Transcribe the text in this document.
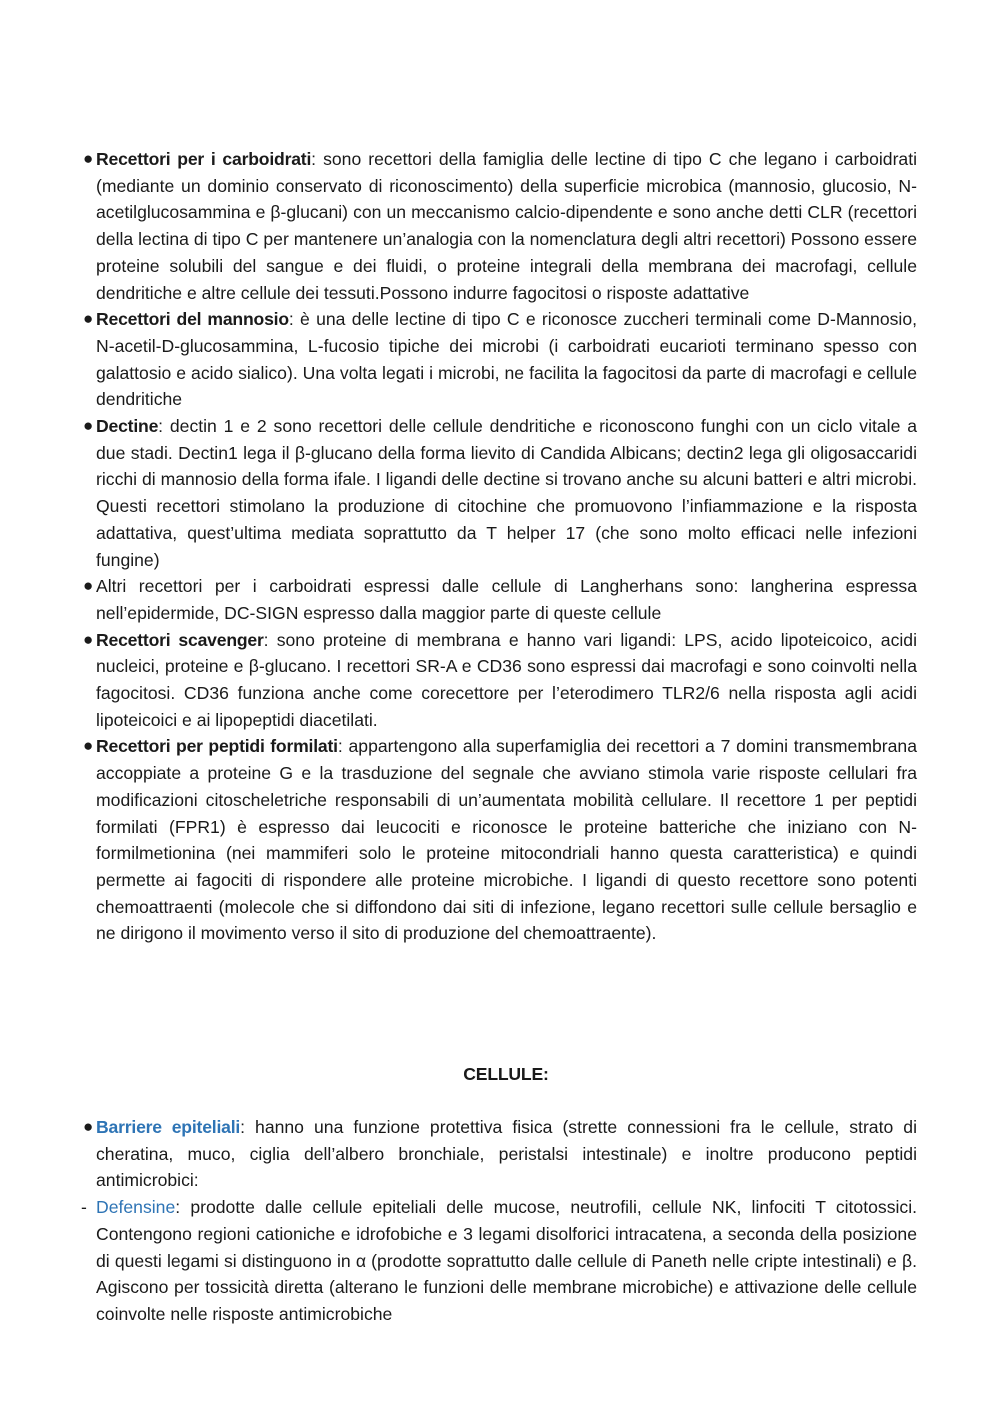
● Recettori per i carboidrati: sono recettori della famiglia delle lectine di tipo C che legano i carboidrati (mediante un dominio conservato di riconoscimento) della superficie microbica (mannosio, glucosio, N-acetilglucosammina e β-glucani) con un meccanismo calcio-dipendente e sono anche detti CLR (recettori della lectina di tipo C per mantenere un’analogia con la nomenclatura degli altri recettori) Possono essere proteine solubili del sangue e dei fluidi, o proteine integrali della membrana dei macrofagi, cellule dendritiche e altre cellule dei tessuti.Possono indurre fagocitosi o risposte adattative
● Recettori del mannosio: è una delle lectine di tipo C e riconosce zuccheri terminali come D-Mannosio, N-acetil-D-glucosammina, L-fucosio tipiche dei microbi (i carboidrati eucarioti terminano spesso con galattosio e acido sialico). Una volta legati i microbi, ne facilita la fagocitosi da parte di macrofagi e cellule dendritiche
● Dectine: dectin 1 e 2 sono recettori delle cellule dendritiche e riconoscono funghi con un ciclo vitale a due stadi. Dectin1 lega il β-glucano della forma lievito di Candida Albicans; dectin2 lega gli oligosaccaridi ricchi di mannosio della forma ifale. I ligandi delle dectine si trovano anche su alcuni batteri e altri microbi. Questi recettori stimolano la produzione di citochine che promuovono l’infiammazione e la risposta adattativa, quest’ultima mediata soprattutto da T helper 17 (che sono molto efficaci nelle infezioni fungine)
● Altri recettori per i carboidrati espressi dalle cellule di Langherhans sono: langherina espressa nell’epidermide, DC-SIGN espresso dalla maggior parte di queste cellule
● Recettori scavenger: sono proteine di membrana e hanno vari ligandi: LPS, acido lipoteicoico, acidi nucleici, proteine e β-glucano. I recettori SR-A e CD36 sono espressi dai macrofagi e sono coinvolti nella fagocitosi. CD36 funziona anche come corecettore per l’eterodimero TLR2/6 nella risposta agli acidi lipoteicoici e ai lipopeptidi diacetilati.
● Recettori per peptidi formilati: appartengono alla superfamiglia dei recettori a 7 domini transmembrana accoppiate a proteine G e la trasduzione del segnale che avviano stimola varie risposte cellulari fra modificazioni citoscheletriche responsabili di un’aumentata mobilità cellulare. Il recettore 1 per peptidi formilati (FPR1) è espresso dai leucociti e riconosce le proteine batteriche che iniziano con N-formilmetionina (nei mammiferi solo le proteine mitocondriali hanno questa caratteristica) e quindi permette ai fagociti di rispondere alle proteine microbiche. I ligandi di questo recettore sono potenti chemoattraenti (molecole che si diffondono dai siti di infezione, legano recettori sulle cellule bersaglio e ne dirigono il movimento verso il sito di produzione del chemoattraente).
CELLULE:
● Barriere epiteliali: hanno una funzione protettiva fisica (strette connessioni fra le cellule, strato di cheratina, muco, ciglia dell’albero bronchiale, peristalsi intestinale) e inoltre producono peptidi antimicrobici:
- Defensine: prodotte dalle cellule epiteliali delle mucose, neutrofili, cellule NK, linfociti T citotossici. Contengono regioni cationiche e idrofobiche e 3 legami disolforici intracatena, a seconda della posizione di questi legami si distinguono in α (prodotte soprattutto dalle cellule di Paneth nelle cripte intestinali) e β. Agiscono per tossicità diretta (alterano le funzioni delle membrane microbiche) e attivazione delle cellule coinvolte nelle risposte antimicrobiche
